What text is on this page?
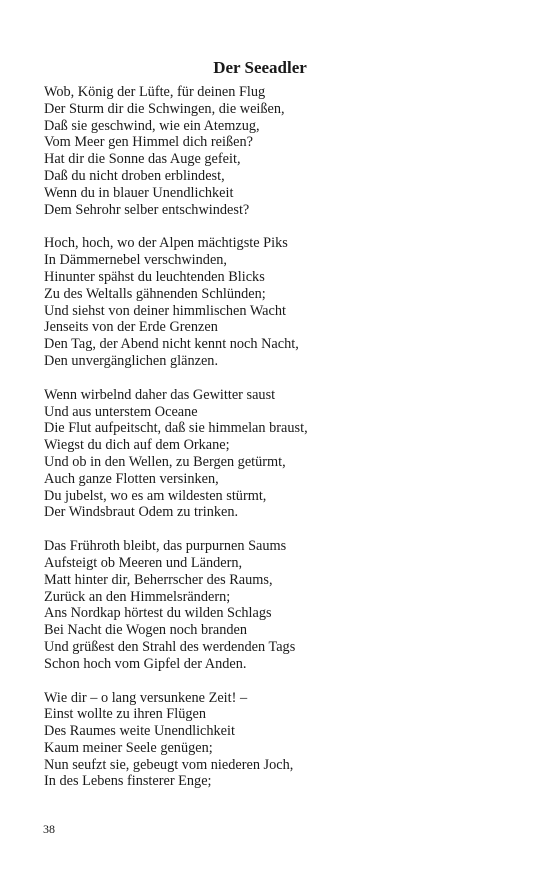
Der Seeadler

Wob, König der Lüfte, für deinen Flug
Der Sturm dir die Schwingen, die weißen,
Daß sie geschwind, wie ein Atemzug,
Vom Meer gen Himmel dich reißen?
Hat dir die Sonne das Auge gefeit,
Daß du nicht droben erblindest,
Wenn du in blauer Unendlichkeit
Dem Sehrohr selber entschwindest?

Hoch, hoch, wo der Alpen mächtigste Piks
In Dämmernebel verschwinden,
Hinunter spähst du leuchtenden Blicks
Zu des Weltalls gähnenden Schlünden;
Und siehst von deiner himmlischen Wacht
Jenseits von der Erde Grenzen
Den Tag, der Abend nicht kennt noch Nacht,
Den unvergänglichen glänzen.

Wenn wirbelnd daher das Gewitter saust
Und aus unterstem Oceane
Die Flut aufpeitscht, daß sie himmelan braust,
Wiegst du dich auf dem Orkane;
Und ob in den Wellen, zu Bergen getürmt,
Auch ganze Flotten versinken,
Du jubelst, wo es am wildesten stürmt,
Der Windsbraut Odem zu trinken.

Das Frühroth bleibt, das purpurnen Saums
Aufsteigt ob Meeren und Ländern,
Matt hinter dir, Beherrscher des Raums,
Zurück an den Himmelsrändern;
Ans Nordkap hörtest du wilden Schlags
Bei Nacht die Wogen noch branden
Und grüßest den Strahl des werdenden Tags
Schon hoch vom Gipfel der Anden.

Wie dir – o lang versunkene Zeit! –
Einst wollte zu ihren Flügen
Des Raumes weite Unendlichkeit
Kaum meiner Seele genügen;
Nun seufzt sie, gebeugt vom niederen Joch,
In des Lebens finsterer Enge;

38
